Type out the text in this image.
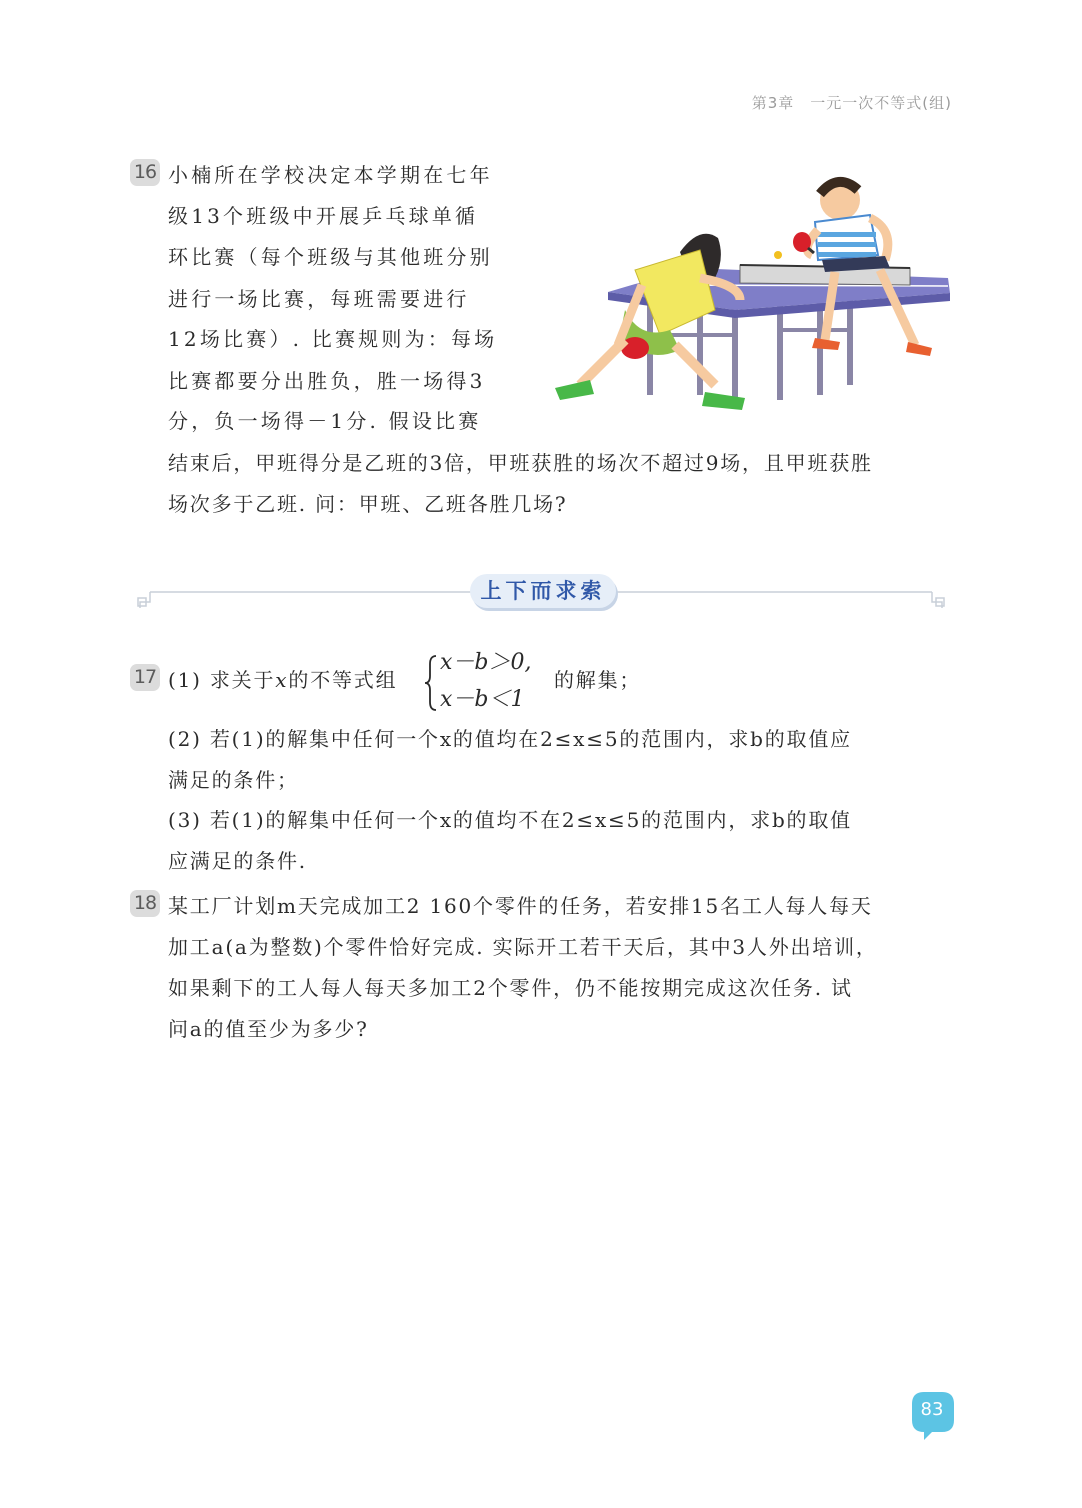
第3章 一元一次不等式(组)
16 小楠所在学校决定本学期在七年
级13个班级中开展乒乓球单循
环比赛（每个班级与其他班分别
进行一场比赛，每班需要进行
12场比赛）. 比赛规则为：每场
比赛都要分出胜负，胜一场得3
分，负一场得－1分. 假设比赛
结束后，甲班得分是乙班的3倍，甲班获胜的场次不超过9场，且甲班获胜
场次多于乙班. 问：甲班、乙班各胜几场?
上下而求索
17 (1) 求关于x的不等式组
x－b＞0,
x－b＜1
的解集；
(2) 若(1)的解集中任何一个x的值均在2≤x≤5的范围内，求b的取值应
满足的条件；
(3) 若(1)的解集中任何一个x的值均不在2≤x≤5的范围内，求b的取值
应满足的条件.
18 某工厂计划m天完成加工2 160个零件的任务，若安排15名工人每人每天
加工a(a为整数)个零件恰好完成. 实际开工若干天后，其中3人外出培训，
如果剩下的工人每人每天多加工2个零件，仍不能按期完成这次任务. 试
问a的值至少为多少?
83
